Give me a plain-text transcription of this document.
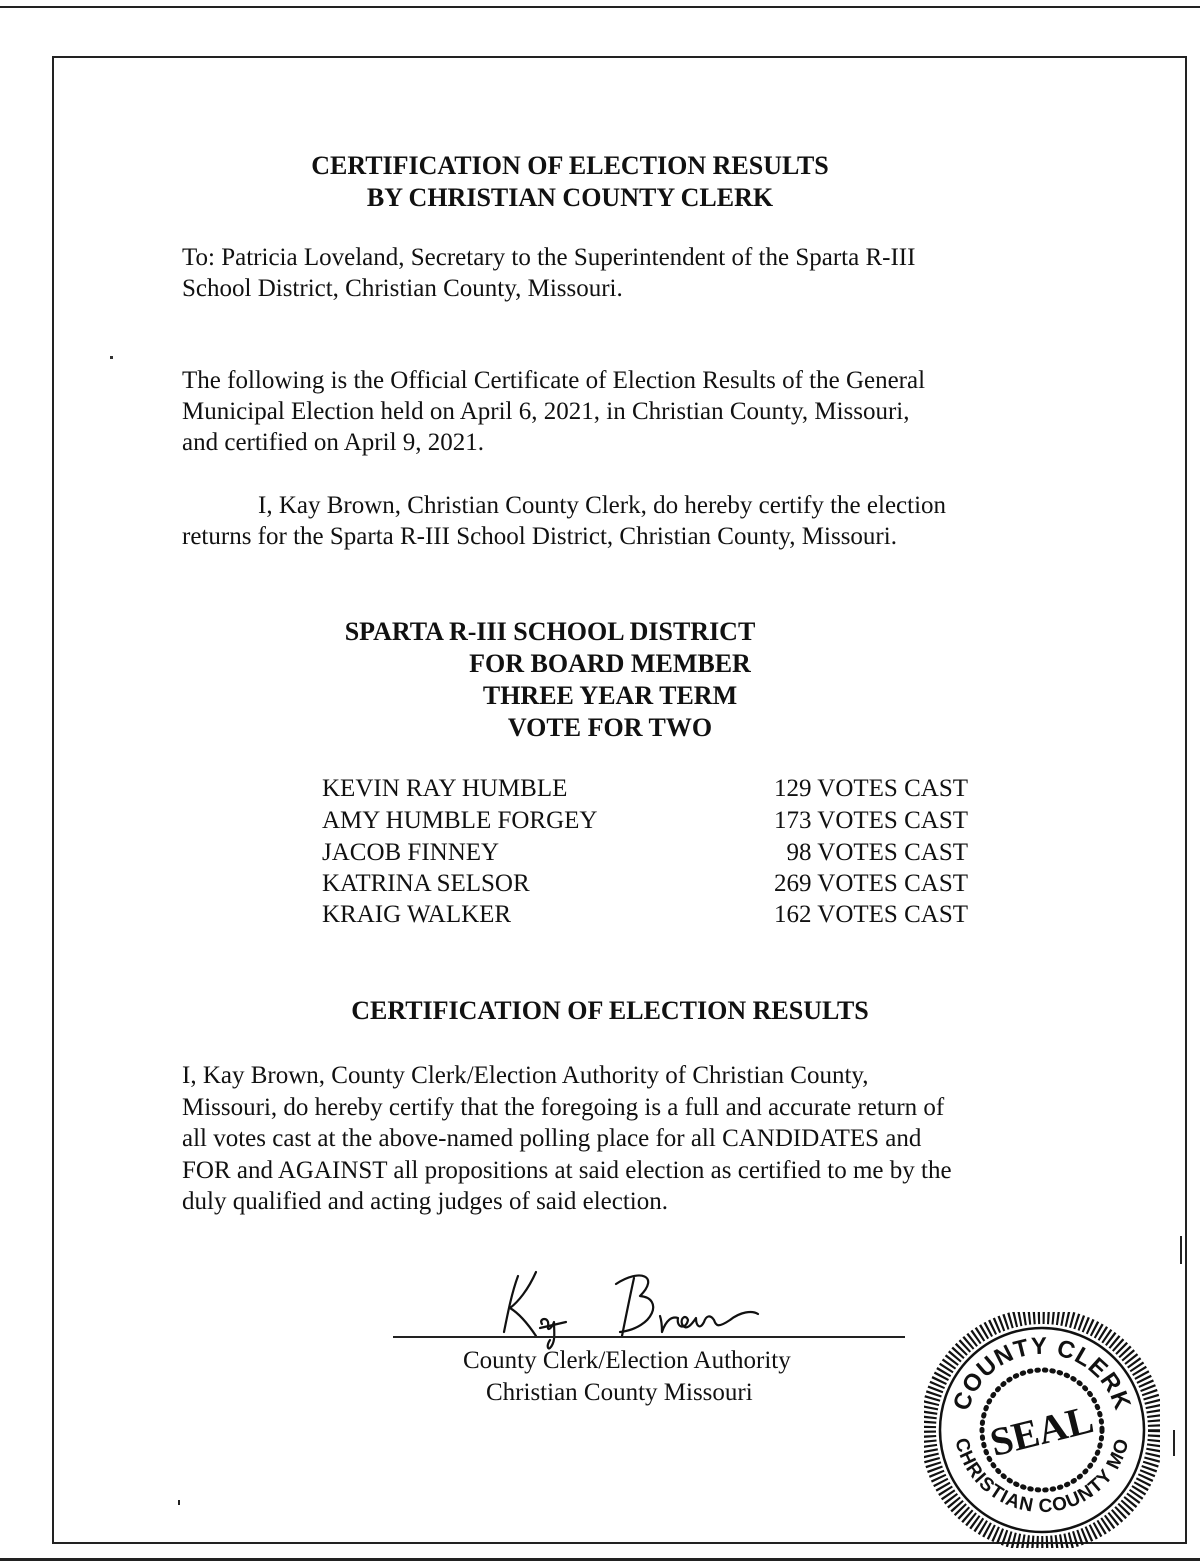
CERTIFICATION OF ELECTION RESULTS
BY CHRISTIAN COUNTY CLERK
To: Patricia Loveland, Secretary to the Superintendent of the Sparta R-III
School District, Christian County, Missouri.
The following is the Official Certificate of Election Results of the General
Municipal Election held on April 6, 2021, in Christian County, Missouri,
and certified on April 9, 2021.
I, Kay Brown, Christian County Clerk, do hereby certify the election
returns for the Sparta R-III School District, Christian County, Missouri.
SPARTA R-III SCHOOL DISTRICT
FOR BOARD MEMBER
THREE YEAR TERM
VOTE FOR TWO
KEVIN RAY HUMBLE	129 VOTES CAST
AMY HUMBLE FORGEY	173 VOTES CAST
JACOB FINNEY	98 VOTES CAST
KATRINA SELSOR	269 VOTES CAST
KRAIG WALKER	162 VOTES CAST
CERTIFICATION OF ELECTION RESULTS
I, Kay Brown, County Clerk/Election Authority of Christian County,
Missouri, do hereby certify that the foregoing is a full and accurate return of
all votes cast at the above-named polling place for all CANDIDATES and
FOR and AGAINST all propositions at said election as certified to me by the
duly qualified and acting judges of said election.
County Clerk/Election Authority
Christian County Missouri	COUNTY CLERK
CHRISTIAN COUNTY MO
SEAL
